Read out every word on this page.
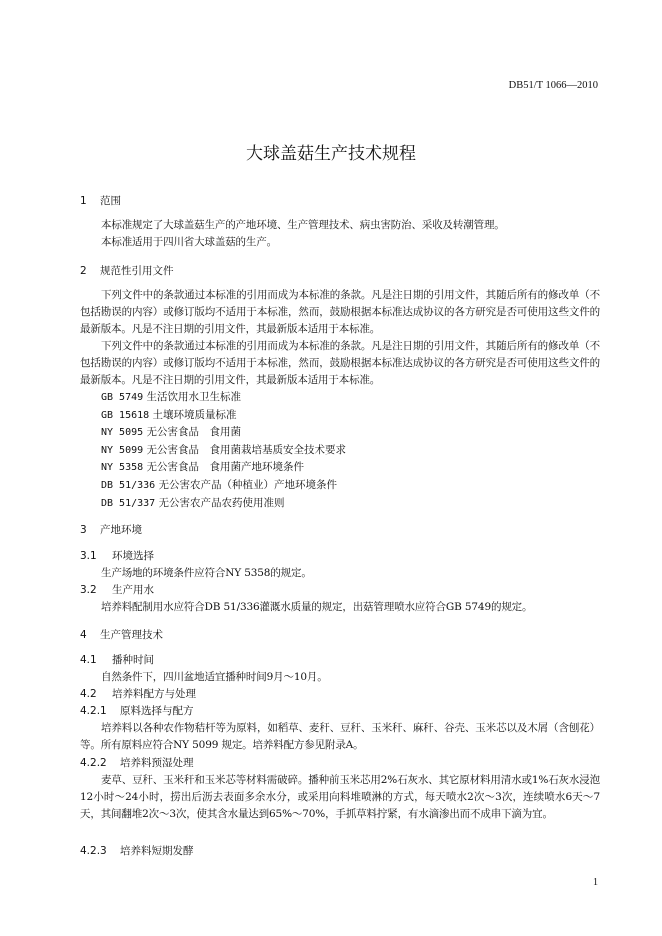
DB51/T 1066—2010
大球盖菇生产技术规程
1 范围

本标准规定了大球盖菇生产的产地环境、生产管理技术、病虫害防治、采收及转潮管理。

本标准适用于四川省大球盖菇的生产。

2 规范性引用文件

下列文件中的条款通过本标准的引用而成为本标准的条款。凡是注日期的引用文件，其随后所有的修改单（不包括勘误的内容）或修订版均不适用于本标准，然而，鼓励根据本标准达成协议的各方研究是否可使用这些文件的最新版本。凡是不注日期的引用文件，其最新版本适用于本标准。

下列文件中的条款通过本标准的引用而成为本标准的条款。凡是注日期的引用文件，其随后所有的修改单（不包括勘误的内容）或修订版均不适用于本标准，然而，鼓励根据本标准达成协议的各方研究是否可使用这些文件的最新版本。凡是不注日期的引用文件，其最新版本适用于本标准。

GB 5749 生活饮用水卫生标准
GB 15618 土壤环境质量标准
NY 5095 无公害食品　食用菌
NY 5099 无公害食品　食用菌栽培基质安全技术要求
NY 5358 无公害食品　食用菌产地环境条件
DB 51/336 无公害农产品（种植业）产地环境条件
DB 51/337 无公害农产品农药使用准则
3 产地环境
3.1 环境选择

生产场地的环境条件应符合NY 5358的规定。

3.2 生产用水

培养料配制用水应符合DB 51/336灌溉水质量的规定，出菇管理喷水应符合GB 5749的规定。

4 生产管理技术
4.1 播种时间

自然条件下，四川盆地适宜播种时间9月～10月。

4.2 培养料配方与处理
4.2.1 原料选择与配方

培养料以各种农作物秸杆等为原料，如稻草、麦秆、豆秆、玉米秆、麻秆、谷壳、玉米芯以及木屑（含刨花）等。所有原料应符合NY 5099 规定。培养料配方参见附录A。

4.2.2 培养料预湿处理

麦草、豆秆、玉米秆和玉米芯等材料需破碎。播种前玉米芯用2%石灰水、其它原材料用清水或1%石灰水浸泡12小时～24小时，捞出后沥去表面多余水分，或采用向料堆喷淋的方式，每天喷水2次～3次，连续喷水6天～7天，其间翻堆2次～3次，使其含水量达到65%～70%，手抓草料拧紧，有水滴渗出而不成串下滴为宜。

4.2.3 培养料短期发酵
1
